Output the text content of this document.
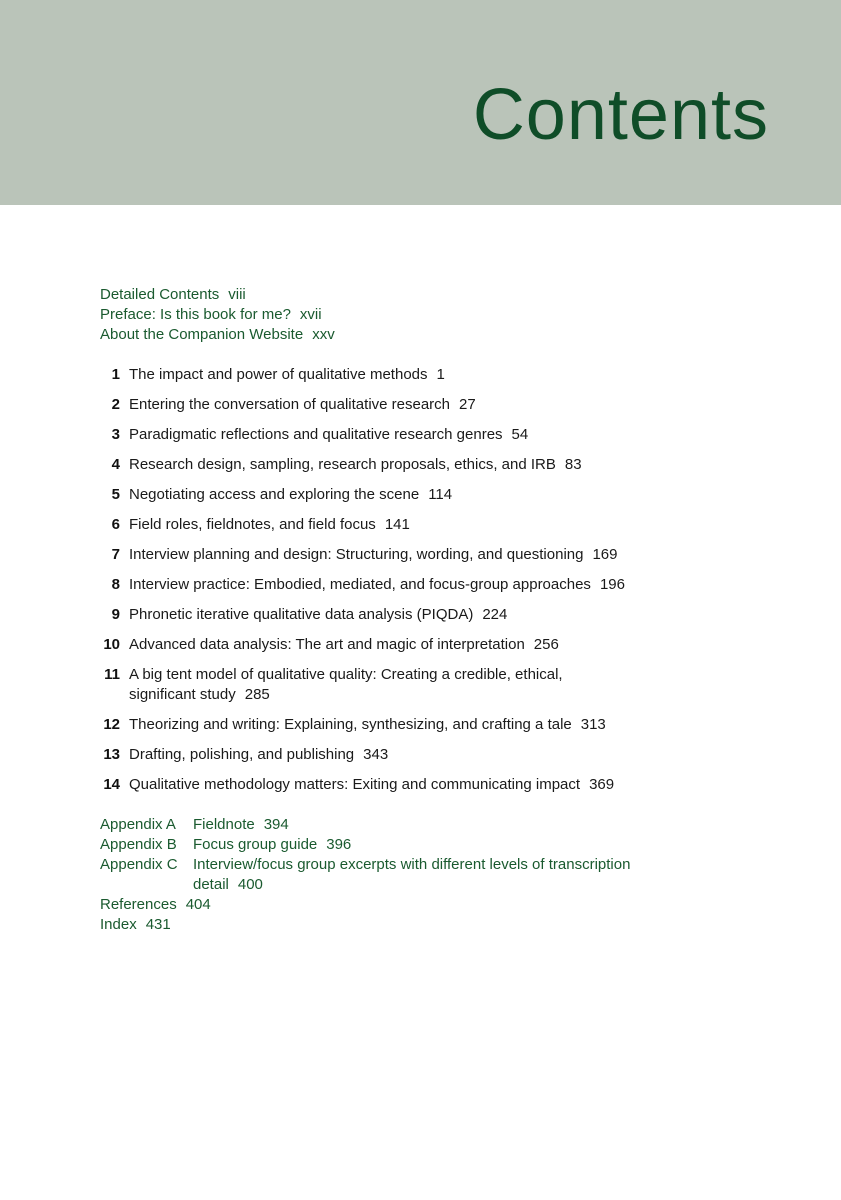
Contents
Detailed Contents viii
Preface: Is this book for me? xvii
About the Companion Website xxv
1 The impact and power of qualitative methods 1
2 Entering the conversation of qualitative research 27
3 Paradigmatic reflections and qualitative research genres 54
4 Research design, sampling, research proposals, ethics, and IRB 83
5 Negotiating access and exploring the scene 114
6 Field roles, fieldnotes, and field focus 141
7 Interview planning and design: Structuring, wording, and questioning 169
8 Interview practice: Embodied, mediated, and focus-group approaches 196
9 Phronetic iterative qualitative data analysis (PIQDA) 224
10 Advanced data analysis: The art and magic of interpretation 256
11 A big tent model of qualitative quality: Creating a credible, ethical, significant study 285
12 Theorizing and writing: Explaining, synthesizing, and crafting a tale 313
13 Drafting, polishing, and publishing 343
14 Qualitative methodology matters: Exiting and communicating impact 369
Appendix A Fieldnote 394
Appendix B Focus group guide 396
Appendix C Interview/focus group excerpts with different levels of transcription detail 400
References 404
Index 431
